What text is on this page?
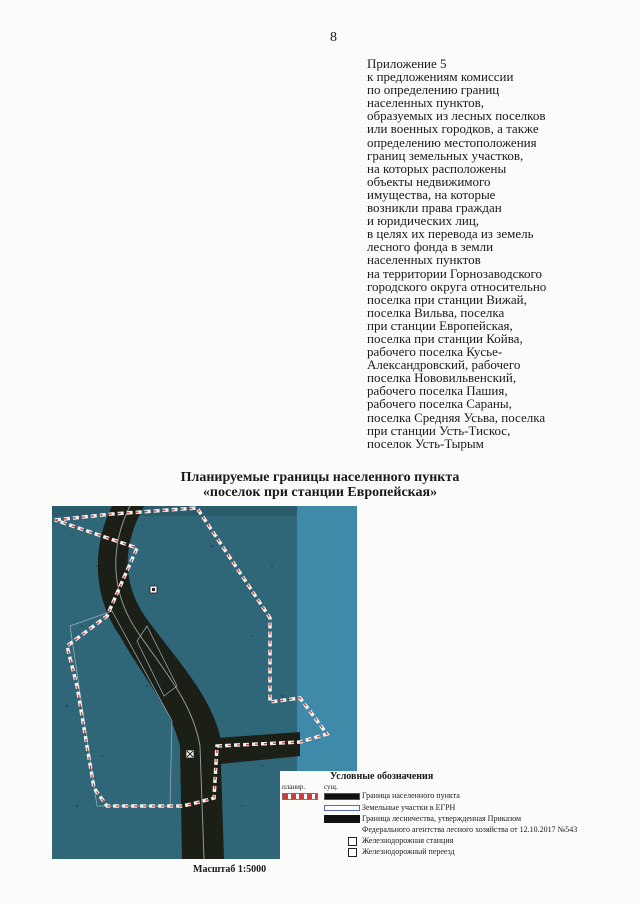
8
Приложение 5
к предложениям комиссии
по определению границ
населенных пунктов,
образуемых из лесных поселков
или военных городков, а также
определению местоположения
границ земельных участков,
на которых расположены
объекты недвижимого
имущества, на которые
возникли права граждан
и юридических лиц,
в целях их перевода из земель
лесного фонда в земли
населенных пунктов
на территории Горнозаводского
городского округа относительно
поселка при станции Вижай,
поселка Вильва, поселка
при станции Европейская,
поселка при станции Койва,
рабочего поселка Кусье-
Александровский, рабочего
поселка Нововильвенский,
рабочего поселка Пашия,
рабочего поселка Сараны,
поселка Средняя Усьва, поселка
при станции Усть-Тискос,
поселок Усть-Тырым
Планируемые границы населенного пункта
«поселок при станции Европейская»
Масштаб 1:5000
Условные обозначения
планир.	сущ.
Граница населенного пункта
Земельные участки в ЕГРН
Граница лесничества, утвержденная Приказом
Федерального агентства лесного хозяйства от 12.10.2017 №543
Железнодорожная станция
Железнодорожный переезд
